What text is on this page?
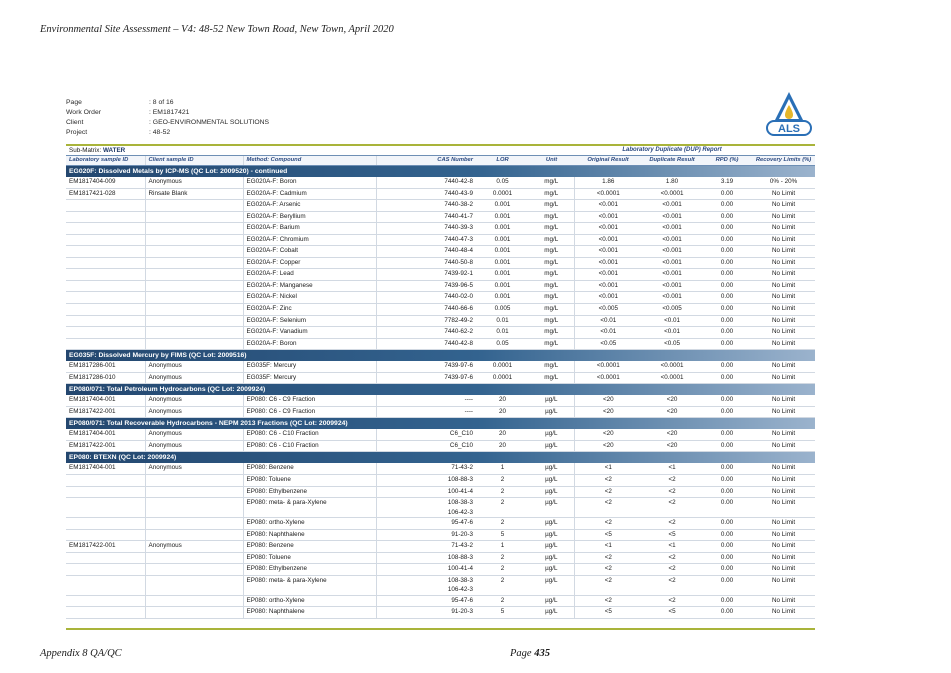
Environmental Site Assessment – V4: 48-52 New Town Road, New Town, April 2020
Page	: 8 of 16
Work Order	: EM1817421
Client	: GEO-ENVIRONMENTAL SOLUTIONS
Project	: 48-52	ALS
Sub-Matrix: WATER					Laboratory Duplicate (DUP) Report				
Laboratory sample ID	Client sample ID	Method: Compound	CAS Number	LOR	Unit	Original Result	Duplicate Result	RPD (%)	Recovery Limits (%)
EG020F: Dissolved Metals by ICP-MS (QC Lot: 2009520) - continued									
EM1817404-009	Anonymous	EG020A-F: Boron	7440-42-8	0.05	mg/L	1.86	1.80	3.19	0% - 20%
EM1817421-028	Rinsate Blank	EG020A-F: Cadmium	7440-43-9	0.0001	mg/L	<0.0001	<0.0001	0.00	No Limit
		EG020A-F: Arsenic	7440-38-2	0.001	mg/L	<0.001	<0.001	0.00	No Limit
		EG020A-F: Beryllium	7440-41-7	0.001	mg/L	<0.001	<0.001	0.00	No Limit
		EG020A-F: Barium	7440-39-3	0.001	mg/L	<0.001	<0.001	0.00	No Limit
		EG020A-F: Chromium	7440-47-3	0.001	mg/L	<0.001	<0.001	0.00	No Limit
		EG020A-F: Cobalt	7440-48-4	0.001	mg/L	<0.001	<0.001	0.00	No Limit
		EG020A-F: Copper	7440-50-8	0.001	mg/L	<0.001	<0.001	0.00	No Limit
		EG020A-F: Lead	7439-92-1	0.001	mg/L	<0.001	<0.001	0.00	No Limit
		EG020A-F: Manganese	7439-96-5	0.001	mg/L	<0.001	<0.001	0.00	No Limit
		EG020A-F: Nickel	7440-02-0	0.001	mg/L	<0.001	<0.001	0.00	No Limit
		EG020A-F: Zinc	7440-66-6	0.005	mg/L	<0.005	<0.005	0.00	No Limit
		EG020A-F: Selenium	7782-49-2	0.01	mg/L	<0.01	<0.01	0.00	No Limit
		EG020A-F: Vanadium	7440-62-2	0.01	mg/L	<0.01	<0.01	0.00	No Limit
		EG020A-F: Boron	7440-42-8	0.05	mg/L	<0.05	<0.05	0.00	No Limit
EG035F: Dissolved Mercury by FIMS (QC Lot: 2009516)									
EM1817286-001	Anonymous	EG035F: Mercury	7439-97-6	0.0001	mg/L	<0.0001	<0.0001	0.00	No Limit
EM1817286-010	Anonymous	EG035F: Mercury	7439-97-6	0.0001	mg/L	<0.0001	<0.0001	0.00	No Limit
EP080/071: Total Petroleum Hydrocarbons (QC Lot: 2009924)									
EM1817404-001	Anonymous	EP080: C6 - C9 Fraction	----	20	µg/L	<20	<20	0.00	No Limit
EM1817422-001	Anonymous	EP080: C6 - C9 Fraction	----	20	µg/L	<20	<20	0.00	No Limit
EP080/071: Total Recoverable Hydrocarbons - NEPM 2013 Fractions (QC Lot: 2009924)									
EM1817404-001	Anonymous	EP080: C6 - C10 Fraction	C6_C10	20	µg/L	<20	<20	0.00	No Limit
EM1817422-001	Anonymous	EP080: C6 - C10 Fraction	C6_C10	20	µg/L	<20	<20	0.00	No Limit
EP080: BTEXN (QC Lot: 2009924)									
EM1817404-001	Anonymous	EP080: Benzene	71-43-2	1	µg/L	<1	<1	0.00	No Limit
		EP080: Toluene	108-88-3	2	µg/L	<2	<2	0.00	No Limit
		EP080: Ethylbenzene	100-41-4	2	µg/L	<2	<2	0.00	No Limit
		EP080: meta- & para-Xylene	108-38-3
106-42-3	2	µg/L	<2	<2	0.00	No Limit
		EP080: ortho-Xylene	95-47-6	2	µg/L	<2	<2	0.00	No Limit
		EP080: Naphthalene	91-20-3	5	µg/L	<5	<5	0.00	No Limit
EM1817422-001	Anonymous	EP080: Benzene	71-43-2	1	µg/L	<1	<1	0.00	No Limit
		EP080: Toluene	108-88-3	2	µg/L	<2	<2	0.00	No Limit
		EP080: Ethylbenzene	100-41-4	2	µg/L	<2	<2	0.00	No Limit
		EP080: meta- & para-Xylene	108-38-3
106-42-3	2	µg/L	<2	<2	0.00	No Limit
		EP080: ortho-Xylene	95-47-6	2	µg/L	<2	<2	0.00	No Limit
		EP080: Naphthalene	91-20-3	5	µg/L	<5	<5	0.00	No Limit
Appendix 8 QA/QC	Page 435
